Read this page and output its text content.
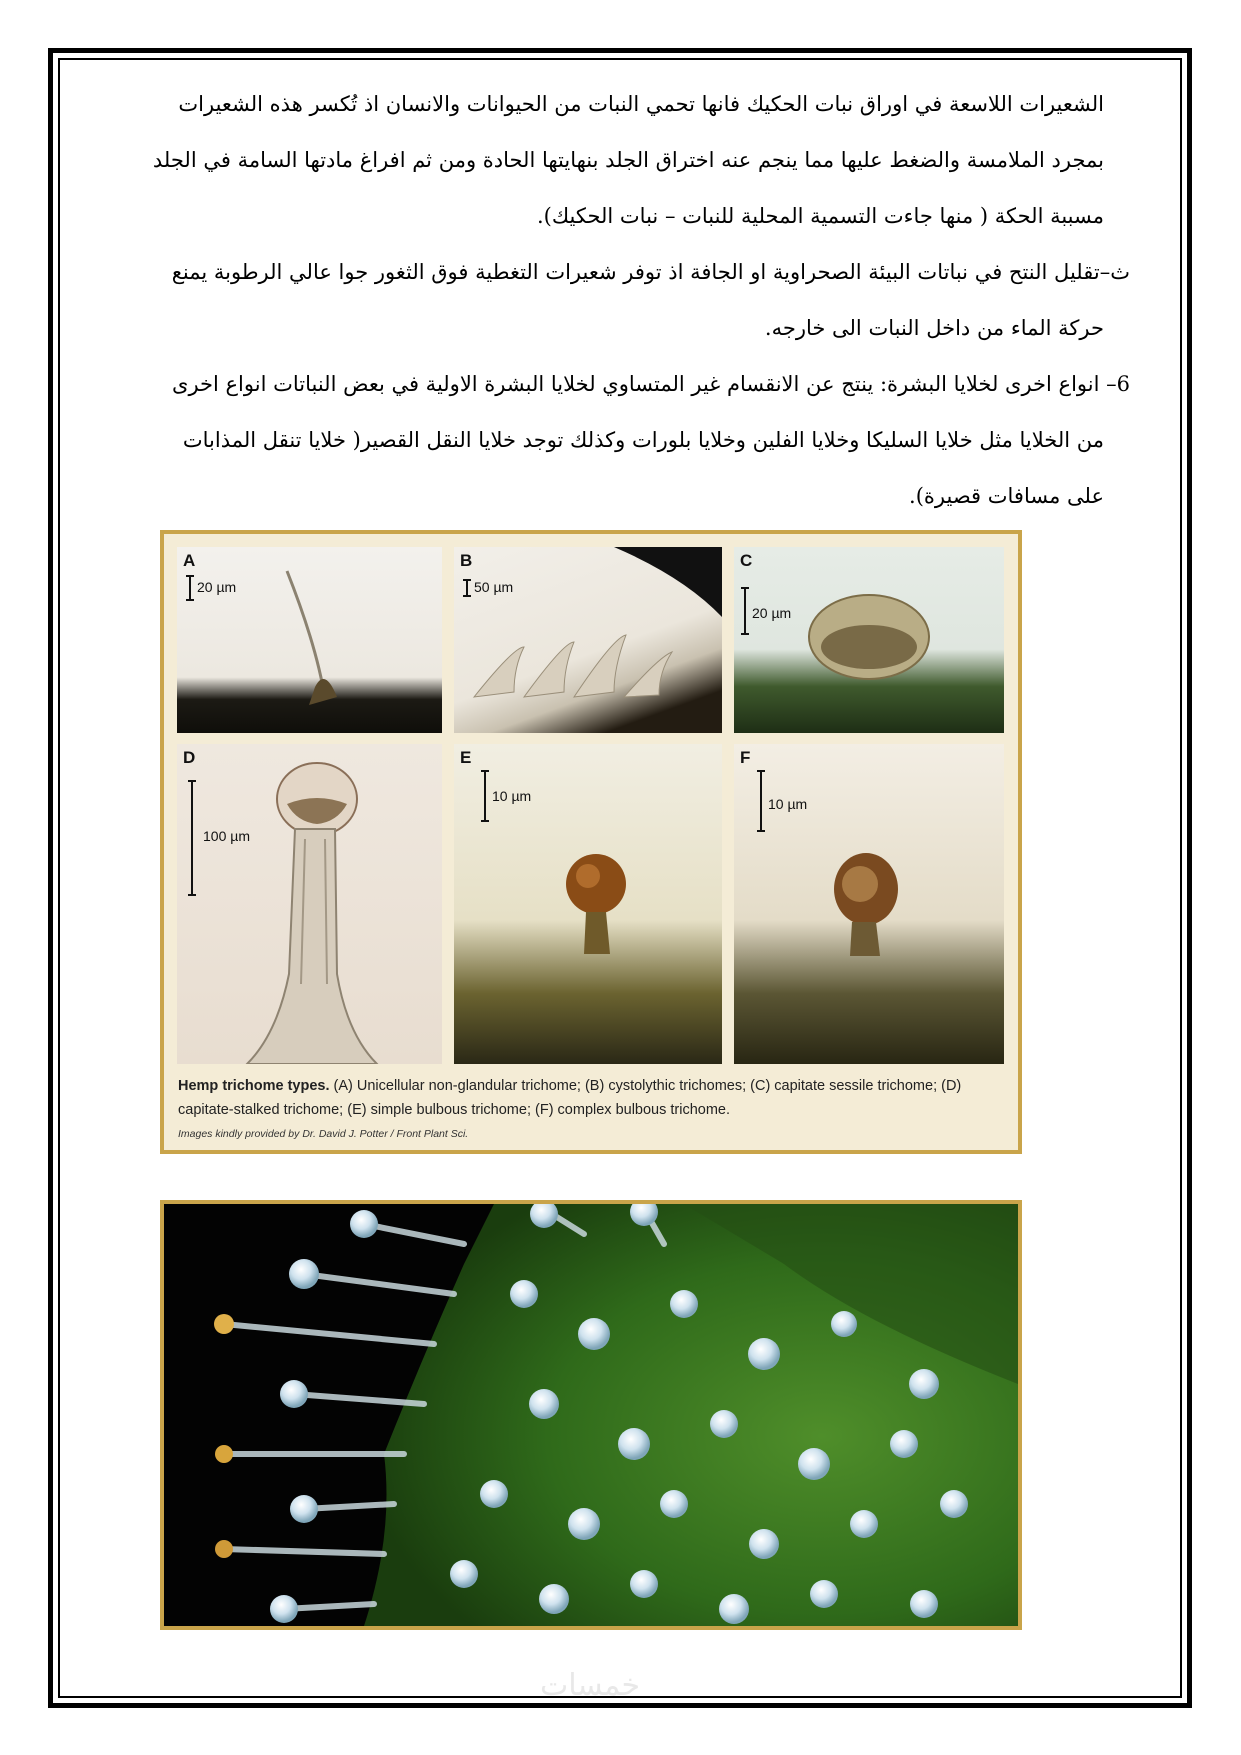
الشعيرات اللاسعة في اوراق نبات الحكيك فانها تحمي النبات من الحيوانات والانسان اذ تُكسر هذه الشعيرات

بمجرد الملامسة والضغط عليها مما ينجم عنه اختراق الجلد بنهايتها الحادة ومن ثم افراغ مادتها السامة في الجلد

مسببة الحكة ( منها جاءت التسمية المحلية للنبات – نبات الحكيك).

ث–تقليل النتح في نباتات البيئة الصحراوية او الجافة اذ توفر شعيرات التغطية فوق الثغور جوا عالي الرطوبة يمنع

حركة الماء من داخل النبات الى خارجه.

6– انواع اخرى لخلايا البشرة: ينتج عن الانقسام غير المتساوي لخلايا البشرة الاولية في بعض النباتات انواع اخرى

من الخلايا مثل خلايا السليكا وخلايا الفلين وخلايا بلورات وكذلك توجد خلايا النقل القصير( خلايا تنقل المذابات

على مسافات قصيرة).

A
20 µm
B
50 µm
C
20 µm
D
100 µm
E
10 µm
F
10 µm
Hemp trichome types. (A) Unicellular non-glandular trichome; (B) cystolythic trichomes; (C) capitate sessile trichome; (D) capitate-stalked trichome; (E) simple bulbous trichome; (F) complex bulbous trichome.
Images kindly provided by Dr. David J. Potter / Front Plant Sci.
خمسات
